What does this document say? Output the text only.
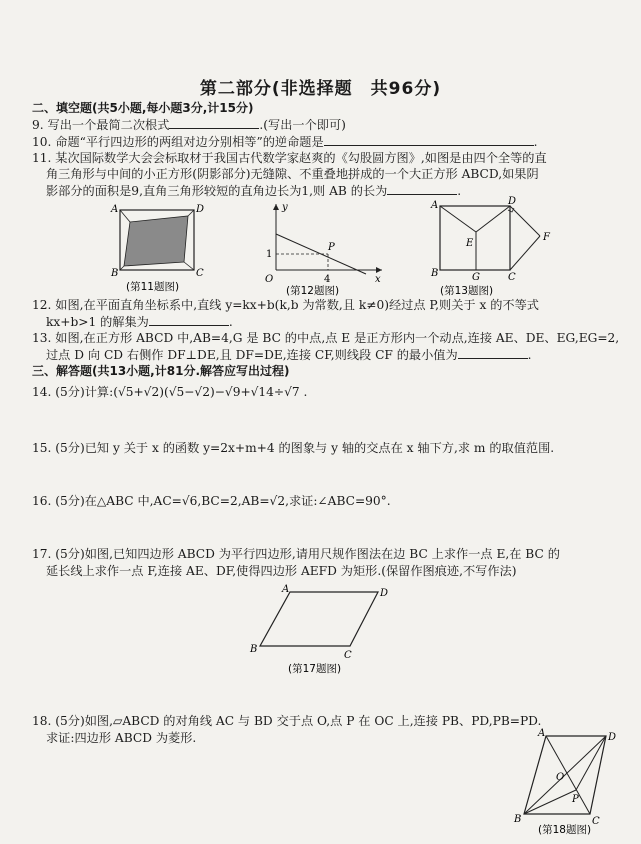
第二部分(非选择题　共96分)
二、填空题(共5小题,每小题3分,计15分)
9. 写出一个最简二次根式	.(写出一个即可)
10. 命题“平行四边形的两组对边分别相等”的逆命题是	.
11. 某次国际数学大会会标取材于我国古代数学家赵爽的《勾股圆方图》,如图是由四个全等的直
角三角形与中间的小正方形(阴影部分)无缝隙、不重叠地拼成的一个大正方形 ABCD,如果阴
影部分的面积是9,直角三角形较短的直角边长为1,则 AB 的长为	.
A	D
B	C
(第11题图)
y
x
O
1
4
P
(第12题图)
A	D
B	C
E
F
G
(第13题图)
12. 如图,在平面直角坐标系中,直线 y=kx+b(k,b 为常数,且 k≠0)经过点 P,则关于 x 的不等式
kx+b>1 的解集为	.
13. 如图,在正方形 ABCD 中,AB=4,G 是 BC 的中点,点 E 是正方形内一个动点,连接 AE、DE、EG,EG=2,
过点 D 向 CD 右侧作 DF⊥DE,且 DF=DE,连接 CF,则线段 CF 的最小值为	.
三、解答题(共13小题,计81分.解答应写出过程)
14. (5分)计算:(√5+√2)(√5−√2)−√9+√14÷√7 .
15. (5分)已知 y 关于 x 的函数 y=2x+m+4 的图象与 y 轴的交点在 x 轴下方,求 m 的取值范围.
16. (5分)在△ABC 中,AC=√6,BC=2,AB=√2,求证:∠ABC=90°.
17. (5分)如图,已知四边形 ABCD 为平行四边形,请用尺规作图法在边 BC 上求作一点 E,在 BC 的
延长线上求作一点 F,连接 AE、DF,使得四边形 AEFD 为矩形.(保留作图痕迹,不写作法)
A	D
B
C
(第17题图)
18. (5分)如图,▱ABCD 的对角线 AC 与 BD 交于点 O,点 P 在 OC 上,连接 PB、PD,PB=PD.
求证:四边形 ABCD 为菱形.	A	D
B	C
O
P
(第18题图)
